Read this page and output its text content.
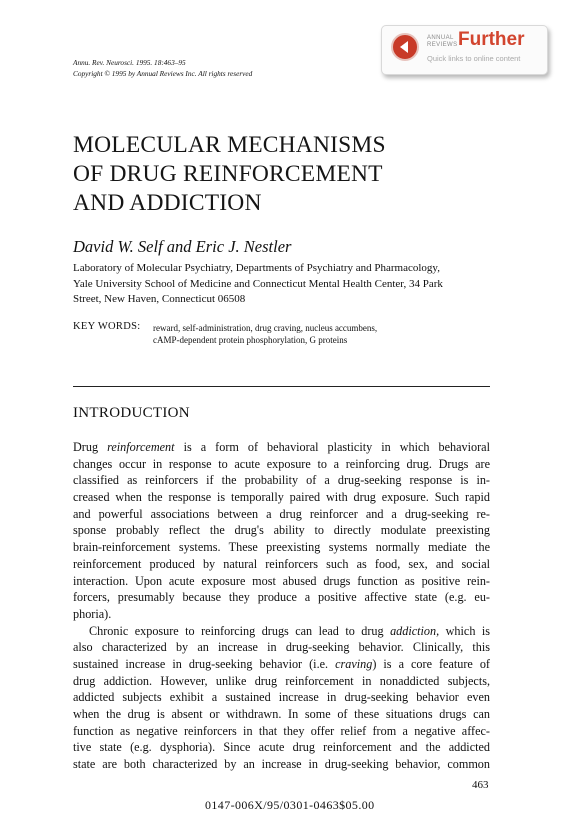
ANNUAL
REVIEWS Further
Quick links to online content
Annu. Rev. Neurosci. 1995. 18:463–95
Copyright © 1995 by Annual Reviews Inc. All rights reserved
MOLECULAR MECHANISMS
OF DRUG REINFORCEMENT
AND ADDICTION
David W. Self and Eric J. Nestler
Laboratory of Molecular Psychiatry, Departments of Psychiatry and Pharmacology,
Yale University School of Medicine and Connecticut Mental Health Center, 34 Park
Street, New Haven, Connecticut 06508
KEY WORDS: reward, self-administration, drug craving, nucleus accumbens,
cAMP-dependent protein phosphorylation, G proteins
INTRODUCTION
Drug reinforcement is a form of behavioral plasticity in which behavioral
changes occur in response to acute exposure to a reinforcing drug. Drugs are
classified as reinforcers if the probability of a drug-seeking response is in-
creased when the response is temporally paired with drug exposure. Such rapid
and powerful associations between a drug reinforcer and a drug-seeking re-
sponse probably reflect the drug's ability to directly modulate preexisting
brain-reinforcement systems. These preexisting systems normally mediate the
reinforcement produced by natural reinforcers such as food, sex, and social
interaction. Upon acute exposure most abused drugs function as positive rein-
forcers, presumably because they produce a positive affective state (e.g. eu-
phoria).
Chronic exposure to reinforcing drugs can lead to drug addiction, which is
also characterized by an increase in drug-seeking behavior. Clinically, this
sustained increase in drug-seeking behavior (i.e. craving) is a core feature of
drug addiction. However, unlike drug reinforcement in nonaddicted subjects,
addicted subjects exhibit a sustained increase in drug-seeking behavior even
when the drug is absent or withdrawn. In some of these situations drugs can
function as negative reinforcers in that they offer relief from a negative affec-
tive state (e.g. dysphoria). Since acute drug reinforcement and the addicted
state are both characterized by an increase in drug-seeking behavior, common
463
0147-006X/95/0301-0463$05.00
